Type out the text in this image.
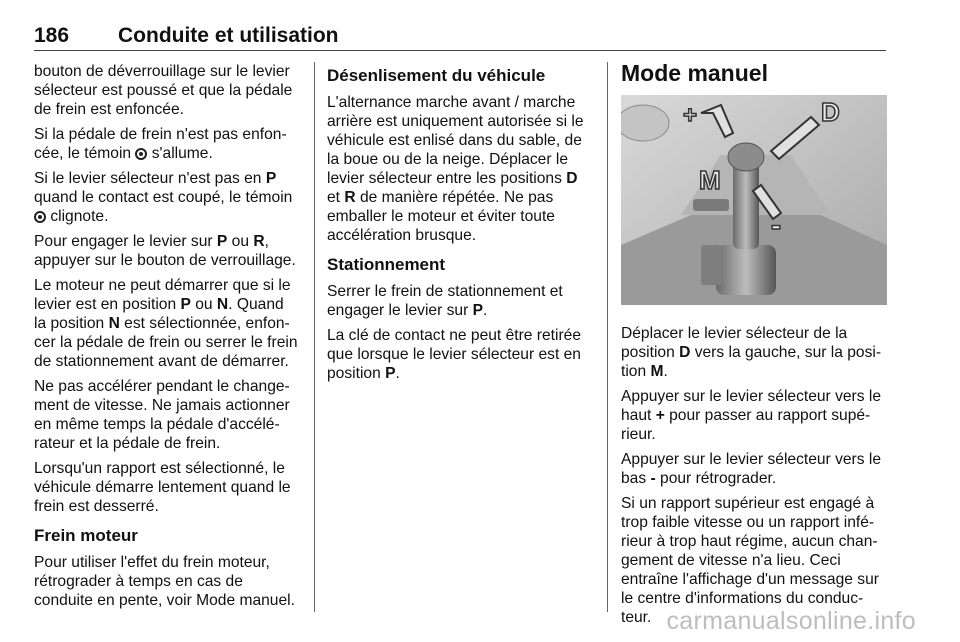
186 Conduite et utilisation

bouton de déverrouillage sur le levier sélecteur est poussé et que la pédale de frein est enfoncée.

Si la pédale de frein n'est pas enfoncée, le témoin  s'allume.

Si le levier sélecteur n'est pas en P quand le contact est coupé, le témoin
clignote.

Pour engager le levier sur P ou R, appuyer sur le bouton de verrouillage.

Le moteur ne peut démarrer que si le levier est en position P ou N. Quand la position N est sélectionnée, enfoncer la pédale de frein ou serrer le frein de stationnement avant de démarrer.

Ne pas accélérer pendant le changement de vitesse. Ne jamais actionner en même temps la pédale d'accélérateur et la pédale de frein.

Lorsqu'un rapport est sélectionné, le véhicule démarre lentement quand le frein est desserré.

Frein moteur

Pour utiliser l'effet du frein moteur, rétrograder à temps en cas de conduite en pente, voir Mode manuel.

Désenlisement du véhicule

L'alternance marche avant / marche arrière est uniquement autorisée si le véhicule est enlisé dans du sable, de la boue ou de la neige. Déplacer le levier sélecteur entre les positions D et R de manière répétée. Ne pas emballer le moteur et éviter toute accélération brusque.

Stationnement

Serrer le frein de stationnement et engager le levier sur P.

La clé de contact ne peut être retirée que lorsque le levier sélecteur est en position P.

Mode manuel
+	D
M
-

Déplacer le levier sélecteur de la position D vers la gauche, sur la position M.

Appuyer sur le levier sélecteur vers le haut + pour passer au rapport supérieur.

Appuyer sur le levier sélecteur vers le bas - pour rétrograder.

Si un rapport supérieur est engagé à trop faible vitesse ou un rapport inférieur à trop haut régime, aucun changement de vitesse n'a lieu. Ceci entraîne l'affichage d'un message sur le centre d'informations du conducteur. carmanualsonline.info
